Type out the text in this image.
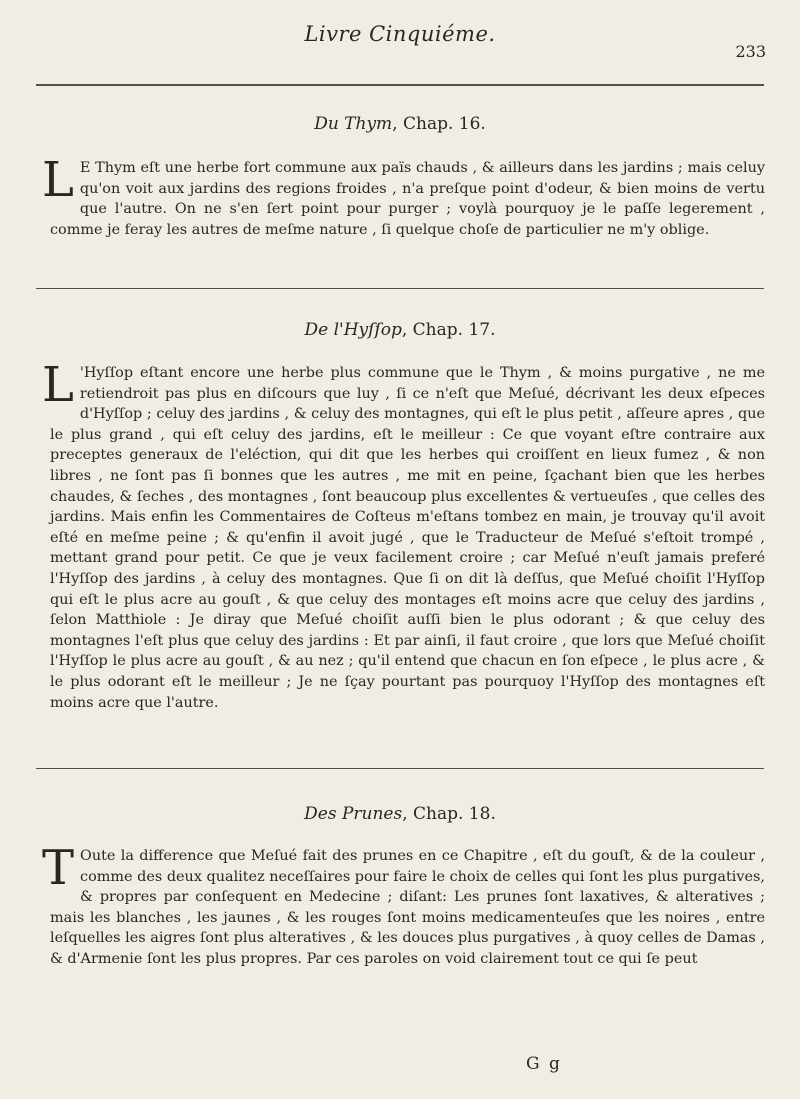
Livre Cinquiéme.
233
Du Thym, Chap. 16.
L E Thym eſt une herbe fort commune aux païs chauds , & ailleurs dans les jardins ; mais celuy qu'on voit aux jardins des regions froides , n'a preſque point d'odeur, & bien moins de vertu que l'autre. On ne s'en ſert point pour purger ; voylà pourquoy je le paſſe legerement , comme je feray les autres de meſme nature , ſi quelque choſe de particulier ne m'y oblige.
De l'Hyſſop, Chap. 17.
L 'Hyſſop eſtant encore une herbe plus commune que le Thym , & moins purgative , ne me retiendroit pas plus en diſcours que luy , ſi ce n'eſt que Meſué, décrivant les deux eſpeces d'Hyſſop ; celuy des jardins , & celuy des montagnes, qui eſt le plus petit , aſſeure apres , que le plus grand , qui eſt celuy des jardins, eſt le meilleur : Ce que voyant eſtre contraire aux preceptes generaux de l'eléction, qui dit que les herbes qui croiſſent en lieux fumez , & non libres , ne ſont pas ſi bonnes que les autres , me mit en peine, ſçachant bien que les herbes chaudes, & ſeches , des montagnes , ſont beaucoup plus excellentes & vertueuſes , que celles des jardins. Mais enfin les Commentaires de Coſteus m'eſtans tombez en main, je trouvay qu'il avoit eſté en meſme peine ; & qu'enfin il avoit jugé , que le Traducteur de Meſué s'eſtoit trompé , mettant grand pour petit. Ce que je veux facilement croire ; car Meſué n'euſt jamais preferé l'Hyſſop des jardins , à celuy des montagnes. Que ſi on dit là deſſus, que Meſué choiſit l'Hyſſop qui eſt le plus acre au gouſt , & que celuy des montages eſt moins acre que celuy des jardins , ſelon Matthiole : Je diray que Meſué choiſit auſſi bien le plus odorant ; & que celuy des montagnes l'eſt plus que celuy des jardins : Et par ainſi, il faut croire , que lors que Meſué choiſit l'Hyſſop le plus acre au gouſt , & au nez ; qu'il entend que chacun en ſon eſpece , le plus acre , & le plus odorant eſt le meilleur ; Je ne ſçay pourtant pas pourquoy l'Hyſſop des montagnes eſt moins acre que l'autre.
Des Prunes, Chap. 18.
T Oute la difference que Meſué fait des prunes en ce Chapitre , eſt du gouſt, & de la couleur , comme des deux qualitez neceſſaires pour faire le choix de celles qui ſont les plus purgatives, & propres par conſequent en Medecine ; diſant: Les prunes ſont laxatives, & alteratives ; mais les blanches , les jaunes , & les rouges ſont moins medicamenteuſes que les noires , entre leſquelles les aigres ſont plus alteratives , & les douces plus purgatives , à quoy celles de Damas , & d'Armenie ſont les plus propres. Par ces paroles on void clairement tout ce qui ſe peut
G g
